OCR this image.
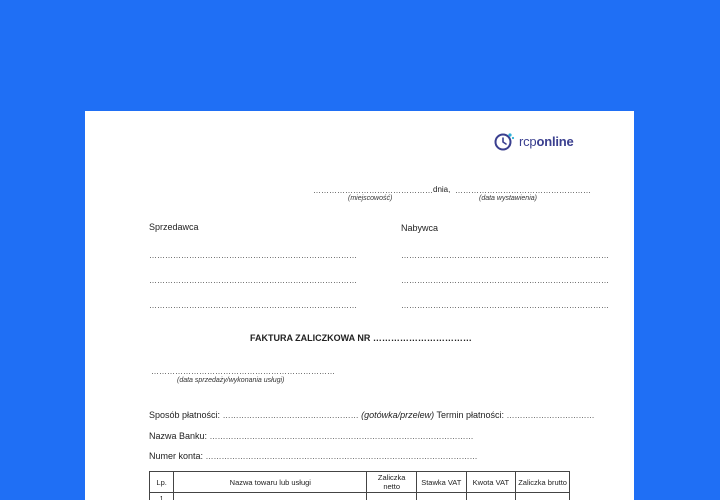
rcponline
……………………………………… dnia, ……………………………………………
(miejscowość)	(data wystawienia)
Sprzedawca
……………………………………………………………………
……………………………………………………………………
……………………………………………………………………
Nabywca
……………………………………………………………………
……………………………………………………………………
……………………………………………………………………
FAKTURA ZALICZKOWA NR ……………………………
……………………………………………………………
(data sprzedaży/wykonania usługi)
Sposób płatności: …………………………………………… (gotówka/przelew) Termin płatności: ……………………………
Nazwa Banku: ………………………………………………………………………………………
Numer konta: …………………………………………………………………………………………
Lp.	Nazwa towaru lub usługi	Zaliczka netto	Stawka VAT	Kwota VAT	Zaliczka brutto
1					
